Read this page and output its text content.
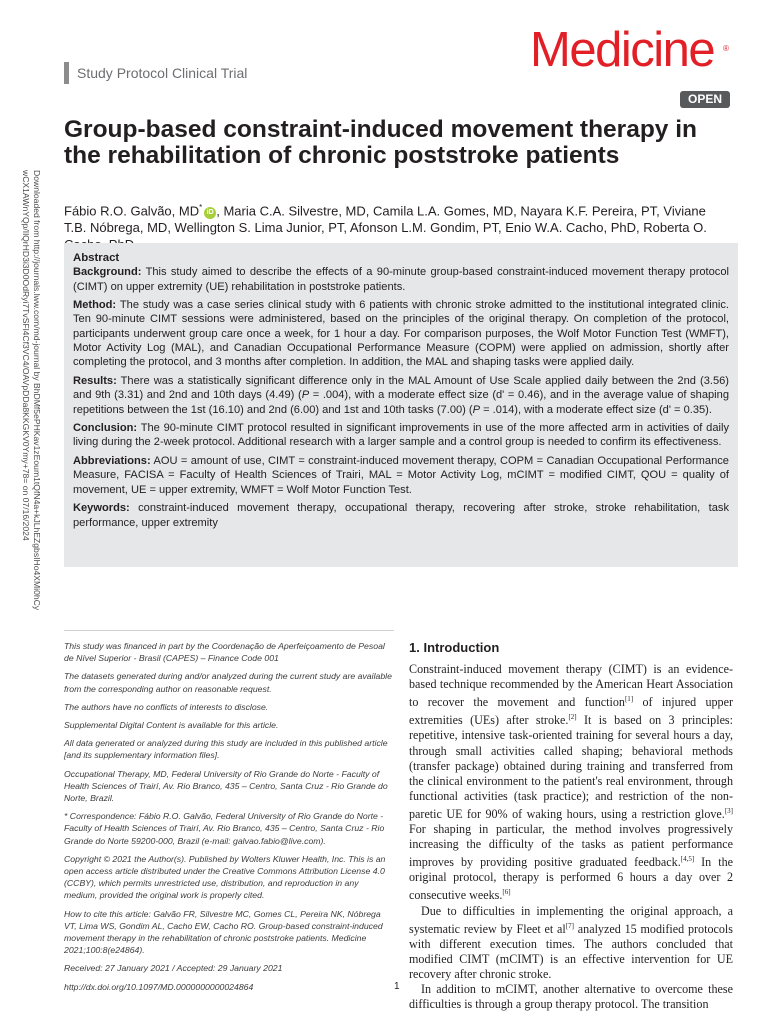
Downloaded from http://journals.lww.com/md-journal by BhDMf5ePHKav1zEoum1tQfN4a+kJLhEZgbsIHo4XMi0hCy
wCX1AWnYQp/IlQrHD3i3D0OdRyi7TvSFl4Cf3VC4/OAVpDDa8KKGKV0Ymy+78= on 07/16/2024
Study Protocol Clinical Trial	Medicine ®
OPEN
Group-based constraint-induced movement therapy in the rehabilitation of chronic poststroke patients
Fábio R.O. Galvão, MD*iD , Maria C.A. Silvestre, MD, Camila L.A. Gomes, MD, Nayara K.F. Pereira, PT, Viviane T.B. Nóbrega, MD, Wellington S. Lima Junior, PT, Afonson L.M. Gondim, PT, Enio W.A. Cacho, PhD, Roberta O.
Abstract

Background: This study aimed to describe the effects of a 90-minute group-based constraint-induced movement therapy protocol (CIMT) on upper extremity (UE) rehabilitation in poststroke patients.

Method: The study was a case series clinical study with 6 patients with chronic stroke admitted to the institutional integrated clinic. Ten 90-minute CIMT sessions were administered, based on the principles of the original therapy. On completion of the protocol, participants underwent group care once a week, for 1 hour a day. For comparison purposes, the Wolf Motor Function Test (WMFT), Motor Activity Log (MAL), and Canadian Occupational Performance Measure (COPM) were applied on admission, shortly after completing the protocol, and 3 months after completion. In addition, the MAL and shaping tasks were applied daily.

Results: There was a statistically significant difference only in the MAL Amount of Use Scale applied daily between the 2nd (3.56) and 9th (3.31) and 2nd and 10th days (4.49) (P = .004), with a moderate effect size (d' = 0.46), and in the average value of shaping repetitions between the 1st (16.10) and 2nd (6.00) and 1st and 10th tasks (7.00) (P = .014), with a moderate effect size (d' = 0.35).

Conclusion: The 90-minute CIMT protocol resulted in significant improvements in use of the more affected arm in activities of daily living during the 2-week protocol. Additional research with a larger sample and a control group is needed to confirm its effectiveness.

Abbreviations: AOU = amount of use, CIMT = constraint-induced movement therapy, COPM = Canadian Occupational Performance Measure, FACISA = Faculty of Health Sciences of Trairi, MAL = Motor Activity Log, mCIMT = modified CIMT, QOU = quality of movement, UE = upper extremity, WMFT = Wolf Motor Function Test.

Keywords: constraint-induced movement therapy, occupational therapy, recovering after stroke, stroke rehabilitation, task performance, upper extremity

This study was financed in part by the Coordenação de Aperfeiçoamento de Pesoal de Nível Superior - Brasil (CAPES) – Finance Code 001

The datasets generated during and/or analyzed during the current study are available from the corresponding author on reasonable request.

The authors have no conflicts of interests to disclose.

Supplemental Digital Content is available for this article.

All data generated or analyzed during this study are included in this published article [and its supplementary information files].

Occupational Therapy, MD, Federal University of Rio Grande do Norte - Faculty of Health Sciences of Trairí, Av. Rio Branco, 435 – Centro, Santa Cruz - Rio Grande do Norte, Brazil.

* Correspondence: Fábio R.O. Galvão, Federal University of Rio Grande do Norte - Faculty of Health Sciences of Trairí, Av. Rio Branco, 435 – Centro, Santa Cruz - Rio Grande do Norte 59200-000, Brazil (e-mail: galvao.fabio@live.com).

Copyright © 2021 the Author(s). Published by Wolters Kluwer Health, Inc. This is an open access article distributed under the Creative Commons Attribution License 4.0 (CCBY), which permits unrestricted use, distribution, and reproduction in any medium, provided the original work is properly cited.

How to cite this article: Galvão FR, Silvestre MC, Gomes CL, Pereira NK, Nóbrega VT, Lima WS, Gondim AL, Cacho EW, Cacho RO. Group-based constraint-induced movement therapy in the rehabilitation of chronic poststroke patients. Medicine 2021;100:8(e24864).

Received: 27 January 2021 / Accepted: 29 January 2021

http://dx.doi.org/10.1097/MD.0000000000024864

1. Introduction

Constraint-induced movement therapy (CIMT) is an evidence-based technique recommended by the American Heart Association to recover the movement and function[1] of injured upper extremities (UEs) after stroke.[2] It is based on 3 principles: repetitive, intensive task-oriented training for several hours a day, through small activities called shaping; behavioral methods (transfer package) obtained during training and transferred from the clinical environment to the patient's real environment, through functional activities (task practice); and restriction of the non-paretic UE for 90% of waking hours, using a restriction glove.[3] For shaping in particular, the method involves progressively increasing the difficulty of the tasks as patient performance improves by providing positive graduated feedback.[4,5] In the original protocol, therapy is performed 6 hours a day over 2 consecutive weeks.[6]

Due to difficulties in implementing the original approach, a systematic review by Fleet et al[7] analyzed 15 modified protocols with different execution times. The authors concluded that modified CIMT (mCIMT) is an effective intervention for UE recovery after chronic stroke.

In addition to mCIMT, another alternative to overcome these difficulties is through a group therapy protocol. The transition

1
